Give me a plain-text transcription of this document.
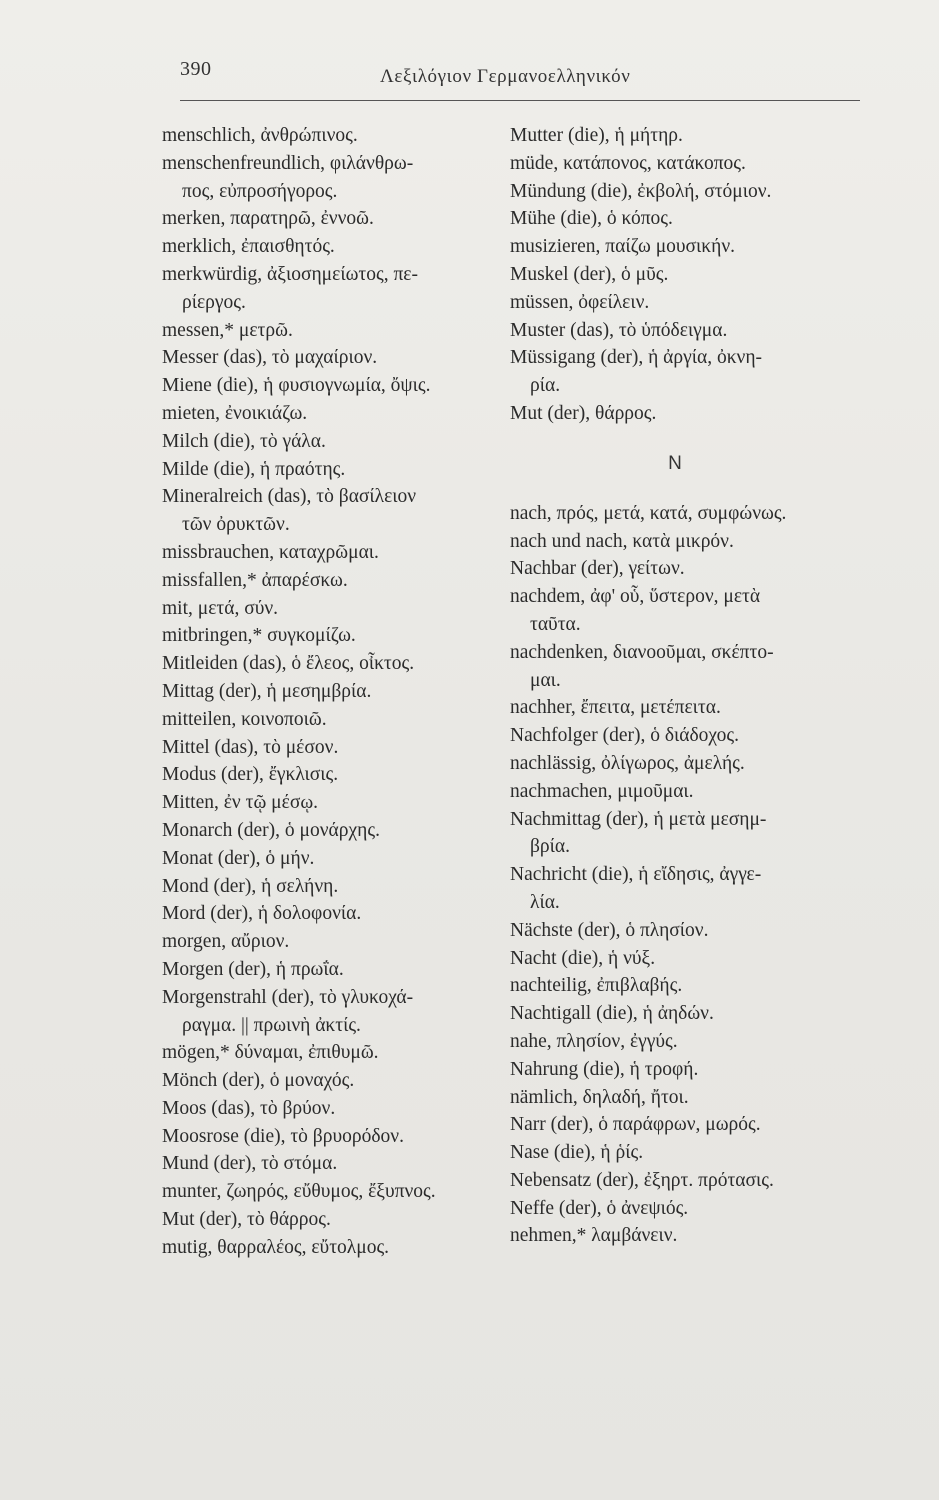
390	Λεξιλόγιον Γερμανοελληνικόν
menschlich, ἀνθρώπινος.
menschenfreundlich, φιλάνθρω-
πος, εὐπροσήγορος.
merken, παρατηρῶ, ἐννοῶ.
merklich, ἐπαισθητός.
merkwürdig, ἀξιοσημείωτος, πε-
ρίεργος.
messen,* μετρῶ.
Messer (das), τὸ μαχαίριον.
Miene (die), ἡ φυσιογνωμία, ὄψις.
mieten, ἐνοικιάζω.
Milch (die), τὸ γάλα.
Milde (die), ἡ πραότης.
Mineralreich (das), τὸ βασίλειον
τῶν ὀρυκτῶν.
missbrauchen, καταχρῶμαι.
missfallen,* ἀπαρέσκω.
mit, μετά, σύν.
mitbringen,* συγκομίζω.
Mitleiden (das), ὁ ἔλεος, οἶκτος.
Mittag (der), ἡ μεσημβρία.
mitteilen, κοινοποιῶ.
Mittel (das), τὸ μέσον.
Modus (der), ἔγκλισις.
Mitten, ἐν τῷ μέσῳ.
Monarch (der), ὁ μονάρχης.
Monat (der), ὁ μήν.
Mond (der), ἡ σελήνη.
Mord (der), ἡ δολοφονία.
morgen, αὔριον.
Morgen (der), ἡ πρωΐα.
Morgenstrahl (der), τὸ γλυκοχά-
ραγμα. || πρωινὴ ἀκτίς.
mögen,* δύναμαι, ἐπιθυμῶ.
Mönch (der), ὁ μοναχός.
Moos (das), τὸ βρύον.
Moosrose (die), τὸ βρυορόδον.
Mund (der), τὸ στόμα.
munter, ζωηρός, εὔθυμος, ἔξυπνος.
Mut (der), τὸ θάρρος.
mutig, θαρραλέος, εὔτολμος.
Mutter (die), ἡ μήτηρ.
müde, κατάπονος, κατάκοπος.
Mündung (die), ἐκβολή, στόμιον.
Mühe (die), ὁ κόπος.
musizieren, παίζω μουσικήν.
Muskel (der), ὁ μῦς.
müssen, ὀφείλειν.
Muster (das), τὸ ὑπόδειγμα.
Müssigang (der), ἡ ἀργία, ὀκνη-
ρία.
Mut (der), θάρρος.
N
nach, πρός, μετά, κατά, συμφώνως.
nach und nach, κατὰ μικρόν.
Nachbar (der), γείτων.
nachdem, ἀφ' οὗ, ὕστερον, μετὰ
ταῦτα.
nachdenken, διανοοῦμαι, σκέπτο-
μαι.
nachher, ἔπειτα, μετέπειτα.
Nachfolger (der), ὁ διάδοχος.
nachlässig, ὀλίγωρος, ἀμελής.
nachmachen, μιμοῦμαι.
Nachmittag (der), ἡ μετὰ μεσημ-
βρία.
Nachricht (die), ἡ εἴδησις, ἀγγε-
λία.
Nächste (der), ὁ πλησίον.
Nacht (die), ἡ νύξ.
nachteilig, ἐπιβλαβής.
Nachtigall (die), ἡ ἀηδών.
nahe, πλησίον, ἐγγύς.
Nahrung (die), ἡ τροφή.
nämlich, δηλαδή, ἤτοι.
Narr (der), ὁ παράφρων, μωρός.
Nase (die), ἡ ῥίς.
Nebensatz (der), ἐξηρτ. πρότασις.
Neffe (der), ὁ ἀνεψιός.
nehmen,* λαμβάνειν.
